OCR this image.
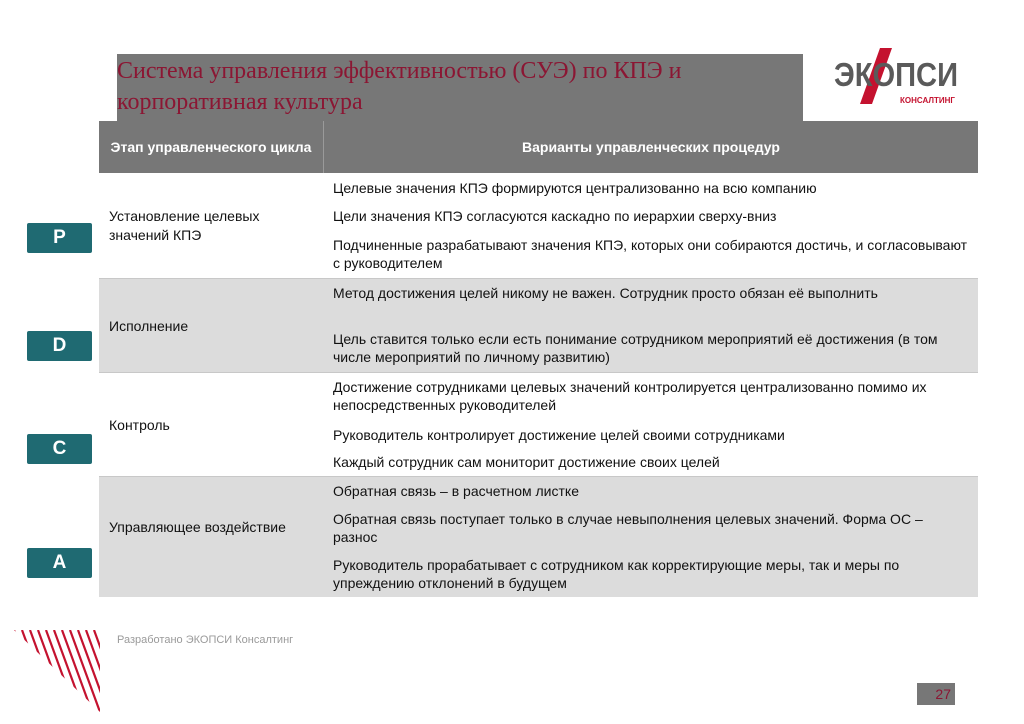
Система управления эффективностью (СУЭ) по КПЭ и корпоративная культура
ЭКОПСИ
КОНСАЛТИНГ
Этап управленческого цикла	Варианты управленческих процедур
Установление целевых значений КПЭ
Целевые значения КПЭ формируются централизованно на всю компанию
Цели значения КПЭ согласуются каскадно по иерархии сверху-вниз
Подчиненные разрабатывают значения КПЭ, которых они собираются достичь, и согласовывают с руководителем
Исполнение
Метод достижения целей никому не важен. Сотрудник просто обязан её выполнить
Цель ставится только если есть понимание сотрудником мероприятий её достижения (в том числе мероприятий по личному развитию)
Контроль
Достижение сотрудниками целевых значений контролируется централизованно помимо их непосредственных руководителей
Руководитель контролирует достижение целей своими сотрудниками
Каждый сотрудник сам мониторит достижение своих целей
Управляющее воздействие
Обратная связь – в расчетном листке
Обратная связь поступает только в случае невыполнения целевых значений. Форма ОС – разнос
Руководитель прорабатывает с сотрудником как корректирующие меры, так и меры по упреждению отклонений в будущем
P
D
C
A
Разработано ЭКОПСИ Консалтинг
27
